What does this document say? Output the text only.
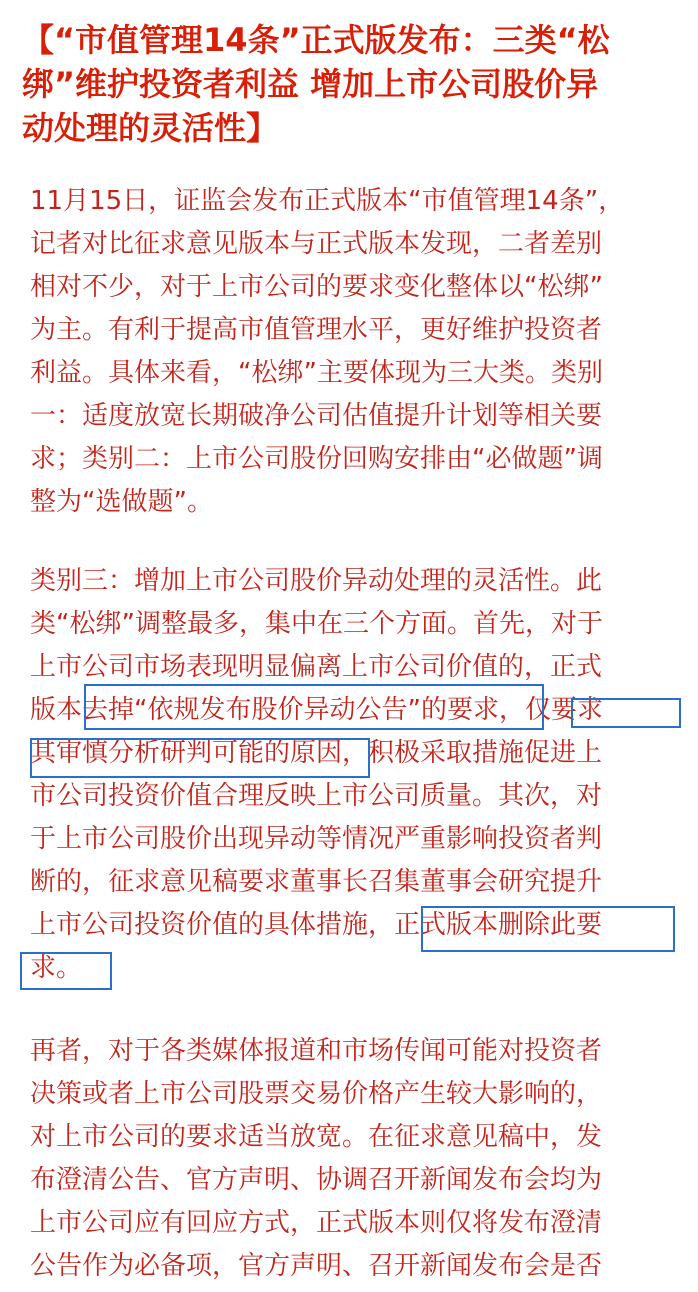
【“市值管理14条”正式版发布：三类“松
绑”维护投资者利益 增加上市公司股价异
动处理的灵活性】
11月15日，证监会发布正式版本“市值管理14条”，
记者对比征求意见版本与正式版本发现，二者差别
相对不少，对于上市公司的要求变化整体以“松绑”
为主。有利于提高市值管理水平，更好维护投资者
利益。具体来看，“松绑”主要体现为三大类。类别
一：适度放宽长期破净公司估值提升计划等相关要
求；类别二：上市公司股份回购安排由“必做题”调
整为“选做题”。
类别三：增加上市公司股价异动处理的灵活性。此
类“松绑”调整最多，集中在三个方面。首先，对于
上市公司市场表现明显偏离上市公司价值的，正式
版本去掉“依规发布股价异动公告”的要求，仅要求
其审慎分析研判可能的原因，积极采取措施促进上
市公司投资价值合理反映上市公司质量。其次，对
于上市公司股价出现异动等情况严重影响投资者判
断的，征求意见稿要求董事长召集董事会研究提升
上市公司投资价值的具体措施，正式版本删除此要
求。
再者，对于各类媒体报道和市场传闻可能对投资者
决策或者上市公司股票交易价格产生较大影响的，
对上市公司的要求适当放宽。在征求意见稿中，发
布澄清公告、官方声明、协调召开新闻发布会均为
上市公司应有回应方式，正式版本则仅将发布澄清
公告作为必备项，官方声明、召开新闻发布会是否
